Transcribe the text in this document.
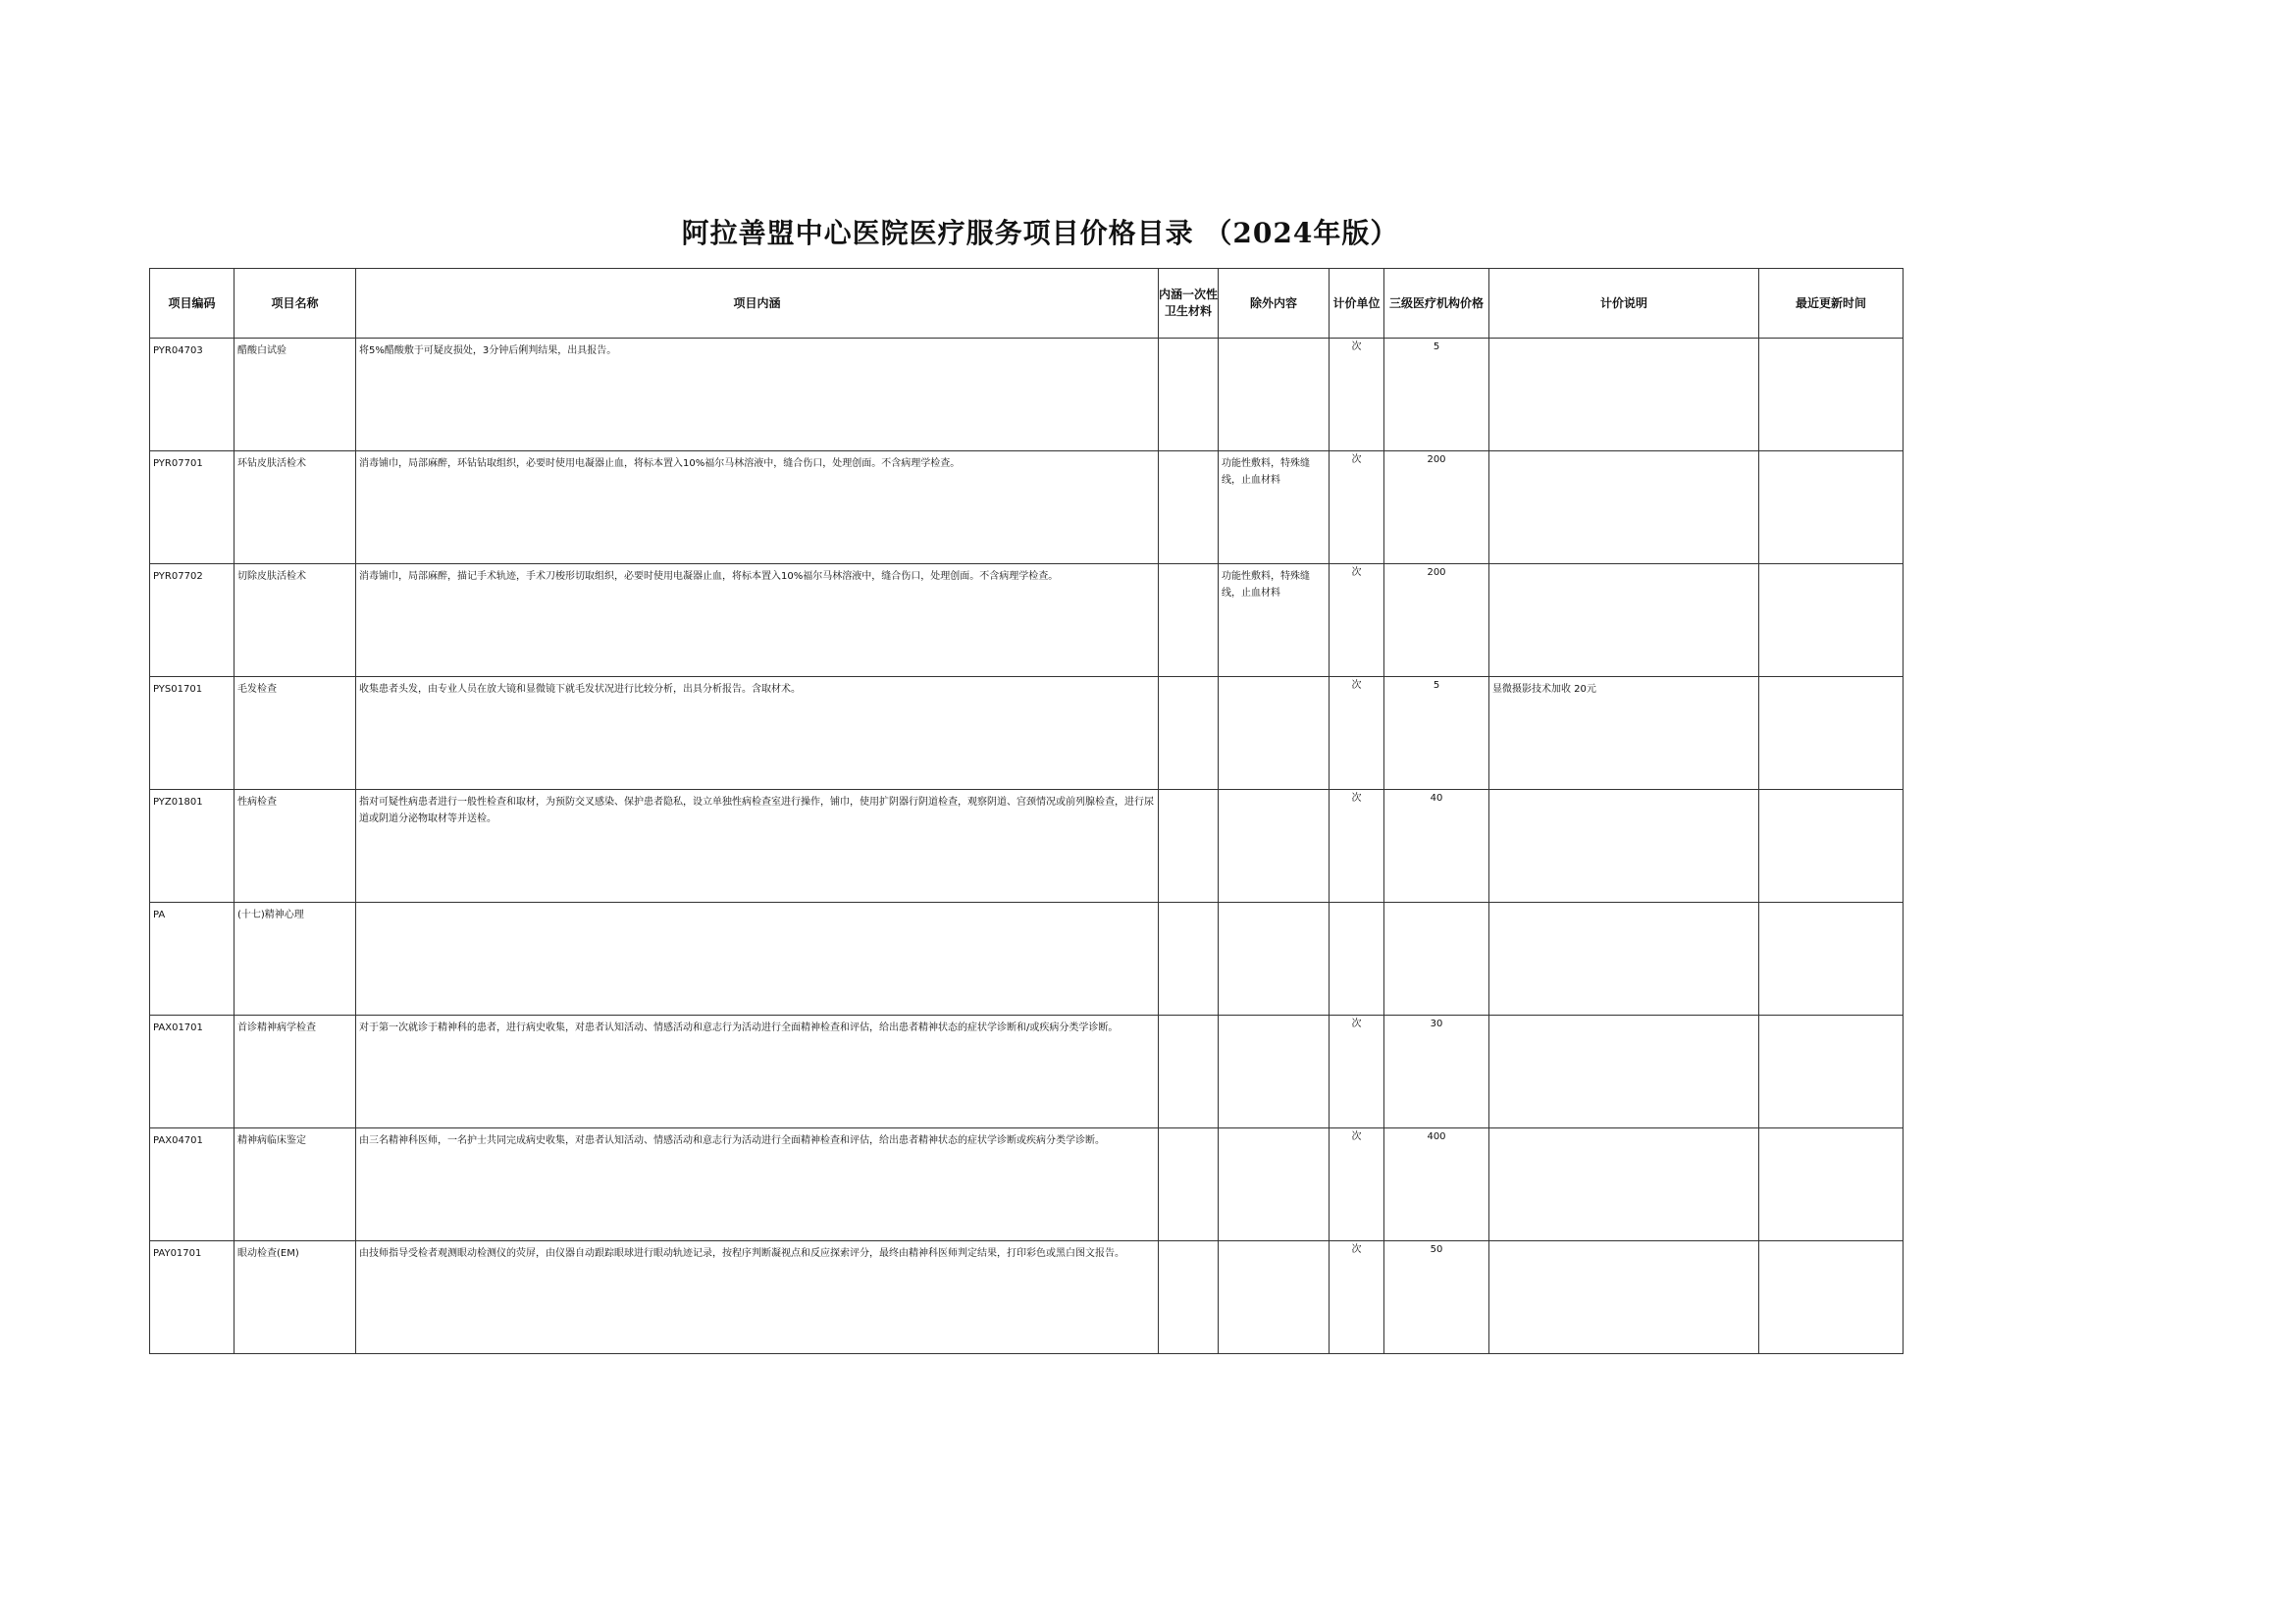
阿拉善盟中心医院医疗服务项目价格目录 （2024年版）
项目编码	项目名称	项目内涵	内涵一次性卫生材料	除外内容	计价单位	三级医疗机构价格	计价说明	最近更新时间

PYR04703	醋酸白试验	将5%醋酸敷于可疑皮损处，3分钟后俐判结果，出具报告。			次	5	

PYR07701	环钻皮肤活检术	消毒铺巾，局部麻醉，环钻钻取组织，必要时使用电凝器止血，将标本置入10%福尔马林溶液中，缝合伤口，处理创面。不含病理学检查。		功能性敷料，特殊缝线，止血材料	次	200	

PYR07702	切除皮肤活检术	消毒铺巾，局部麻醉，描记手术轨迹，手术刀梭形切取组织，必要时使用电凝器止血，将标本置入10%福尔马林溶液中，缝合伤口，处理创面。不含病理学检查。		功能性敷料，特殊缝线，止血材料	次	200	

PYS01701	毛发检查	收集患者头发，由专业人员在放大镜和显微镜下就毛发状况进行比较分析，出具分析报告。含取材术。			次	5	显微摄影技术加收 20元	

PYZ01801	性病检查	指对可疑性病患者进行一般性检查和取材，为预防交叉感染、保护患者隐私，设立单独性病检查室进行操作，铺巾，使用扩阴器行阴道检查，观察阴道、宫颈情况或前列腺检查，进行尿道或阴道分泌物取材等并送检。			次	40	

PA	(十七)精神心理							

PAX01701	首诊精神病学检查	对于第一次就诊于精神科的患者，进行病史收集，对患者认知活动、情感活动和意志行为活动进行全面精神检查和评估，给出患者精神状态的症状学诊断和/或疾病分类学诊断。			次	30	

PAX04701	精神病临床鉴定	由三名精神科医师，一名护士共同完成病史收集，对患者认知活动、情感活动和意志行为活动进行全面精神检查和评估，给出患者精神状态的症状学诊断或疾病分类学诊断。			次	400	

PAY01701	眼动检查(EM)	由技师指导受检者观测眼动检测仪的荧屏，由仪器自动跟踪眼球进行眼动轨迹记录，按程序判断凝视点和反应探索评分，最终由精神科医师判定结果，打印彩色或黑白图文报告。			次	50	
